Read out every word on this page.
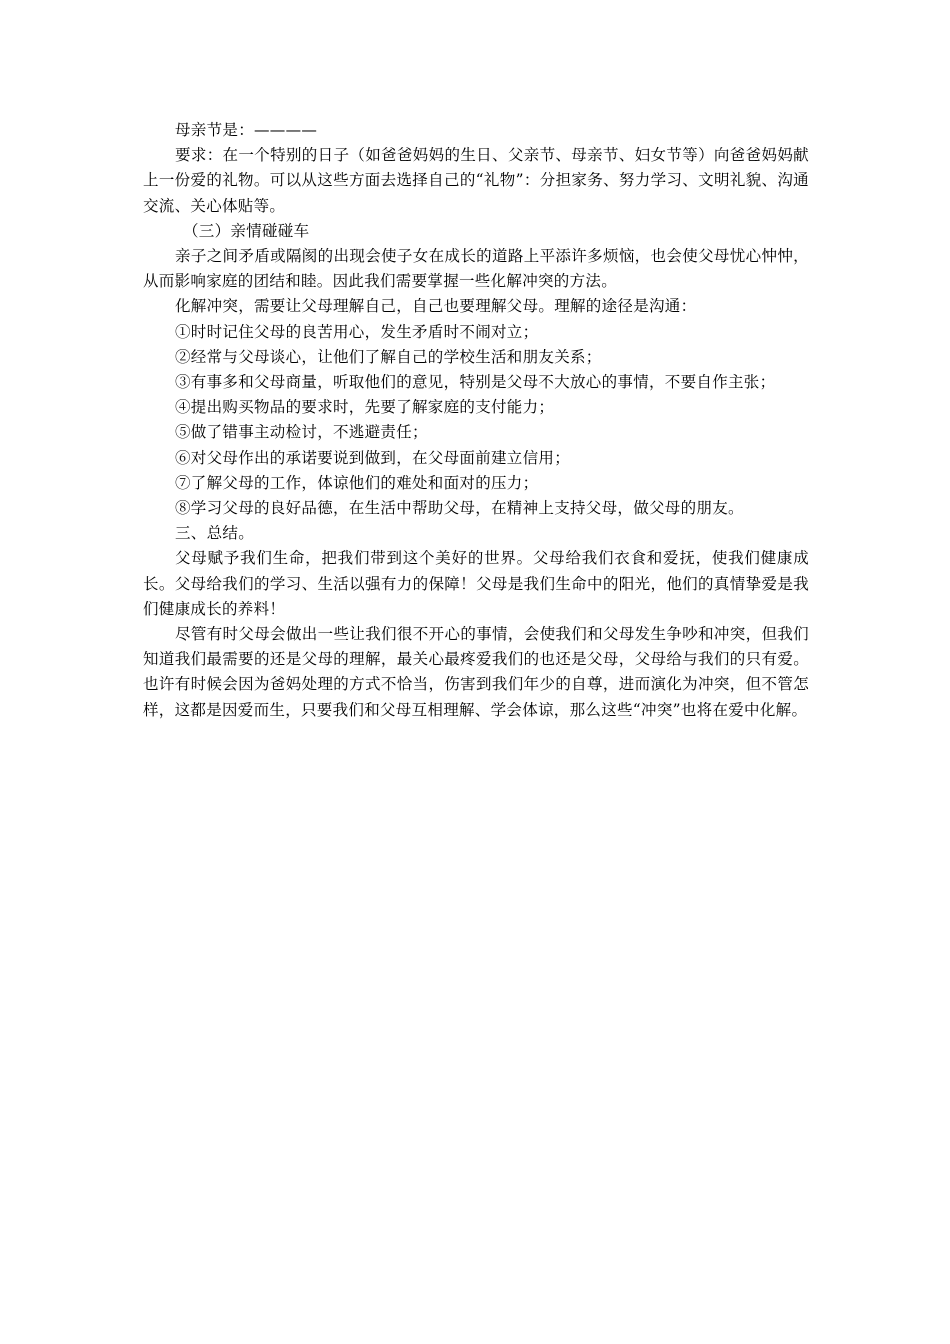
母亲节是：————

要求：在一个特别的日子（如爸爸妈妈的生日、父亲节、母亲节、妇女节等）向爸爸妈妈献上一份爱的礼物。可以从这些方面去选择自己的“礼物”：分担家务、努力学习、文明礼貌、沟通交流、关心体贴等。

（三）亲情碰碰车

亲子之间矛盾或隔阂的出现会使子女在成长的道路上平添许多烦恼，也会使父母忧心忡忡，从而影响家庭的团结和睦。因此我们需要掌握一些化解冲突的方法。

化解冲突，需要让父母理解自己，自己也要理解父母。理解的途径是沟通：

①时时记住父母的良苦用心，发生矛盾时不闹对立；

②经常与父母谈心，让他们了解自己的学校生活和朋友关系；

③有事多和父母商量，听取他们的意见，特别是父母不大放心的事情，不要自作主张；

④提出购买物品的要求时，先要了解家庭的支付能力；

⑤做了错事主动检讨，不逃避责任；

⑥对父母作出的承诺要说到做到，在父母面前建立信用；

⑦了解父母的工作，体谅他们的难处和面对的压力；

⑧学习父母的良好品德，在生活中帮助父母，在精神上支持父母，做父母的朋友。

三、总结。

父母赋予我们生命，把我们带到这个美好的世界。父母给我们衣食和爱抚，使我们健康成长。父母给我们的学习、生活以强有力的保障！父母是我们生命中的阳光，他们的真情挚爱是我们健康成长的养料！

尽管有时父母会做出一些让我们很不开心的事情，会使我们和父母发生争吵和冲突，但我们知道我们最需要的还是父母的理解，最关心最疼爱我们的也还是父母，父母给与我们的只有爱。也许有时候会因为爸妈处理的方式不恰当，伤害到我们年少的自尊，进而演化为冲突，但不管怎样，这都是因爱而生，只要我们和父母互相理解、学会体谅，那么这些“冲突”也将在爱中化解。
